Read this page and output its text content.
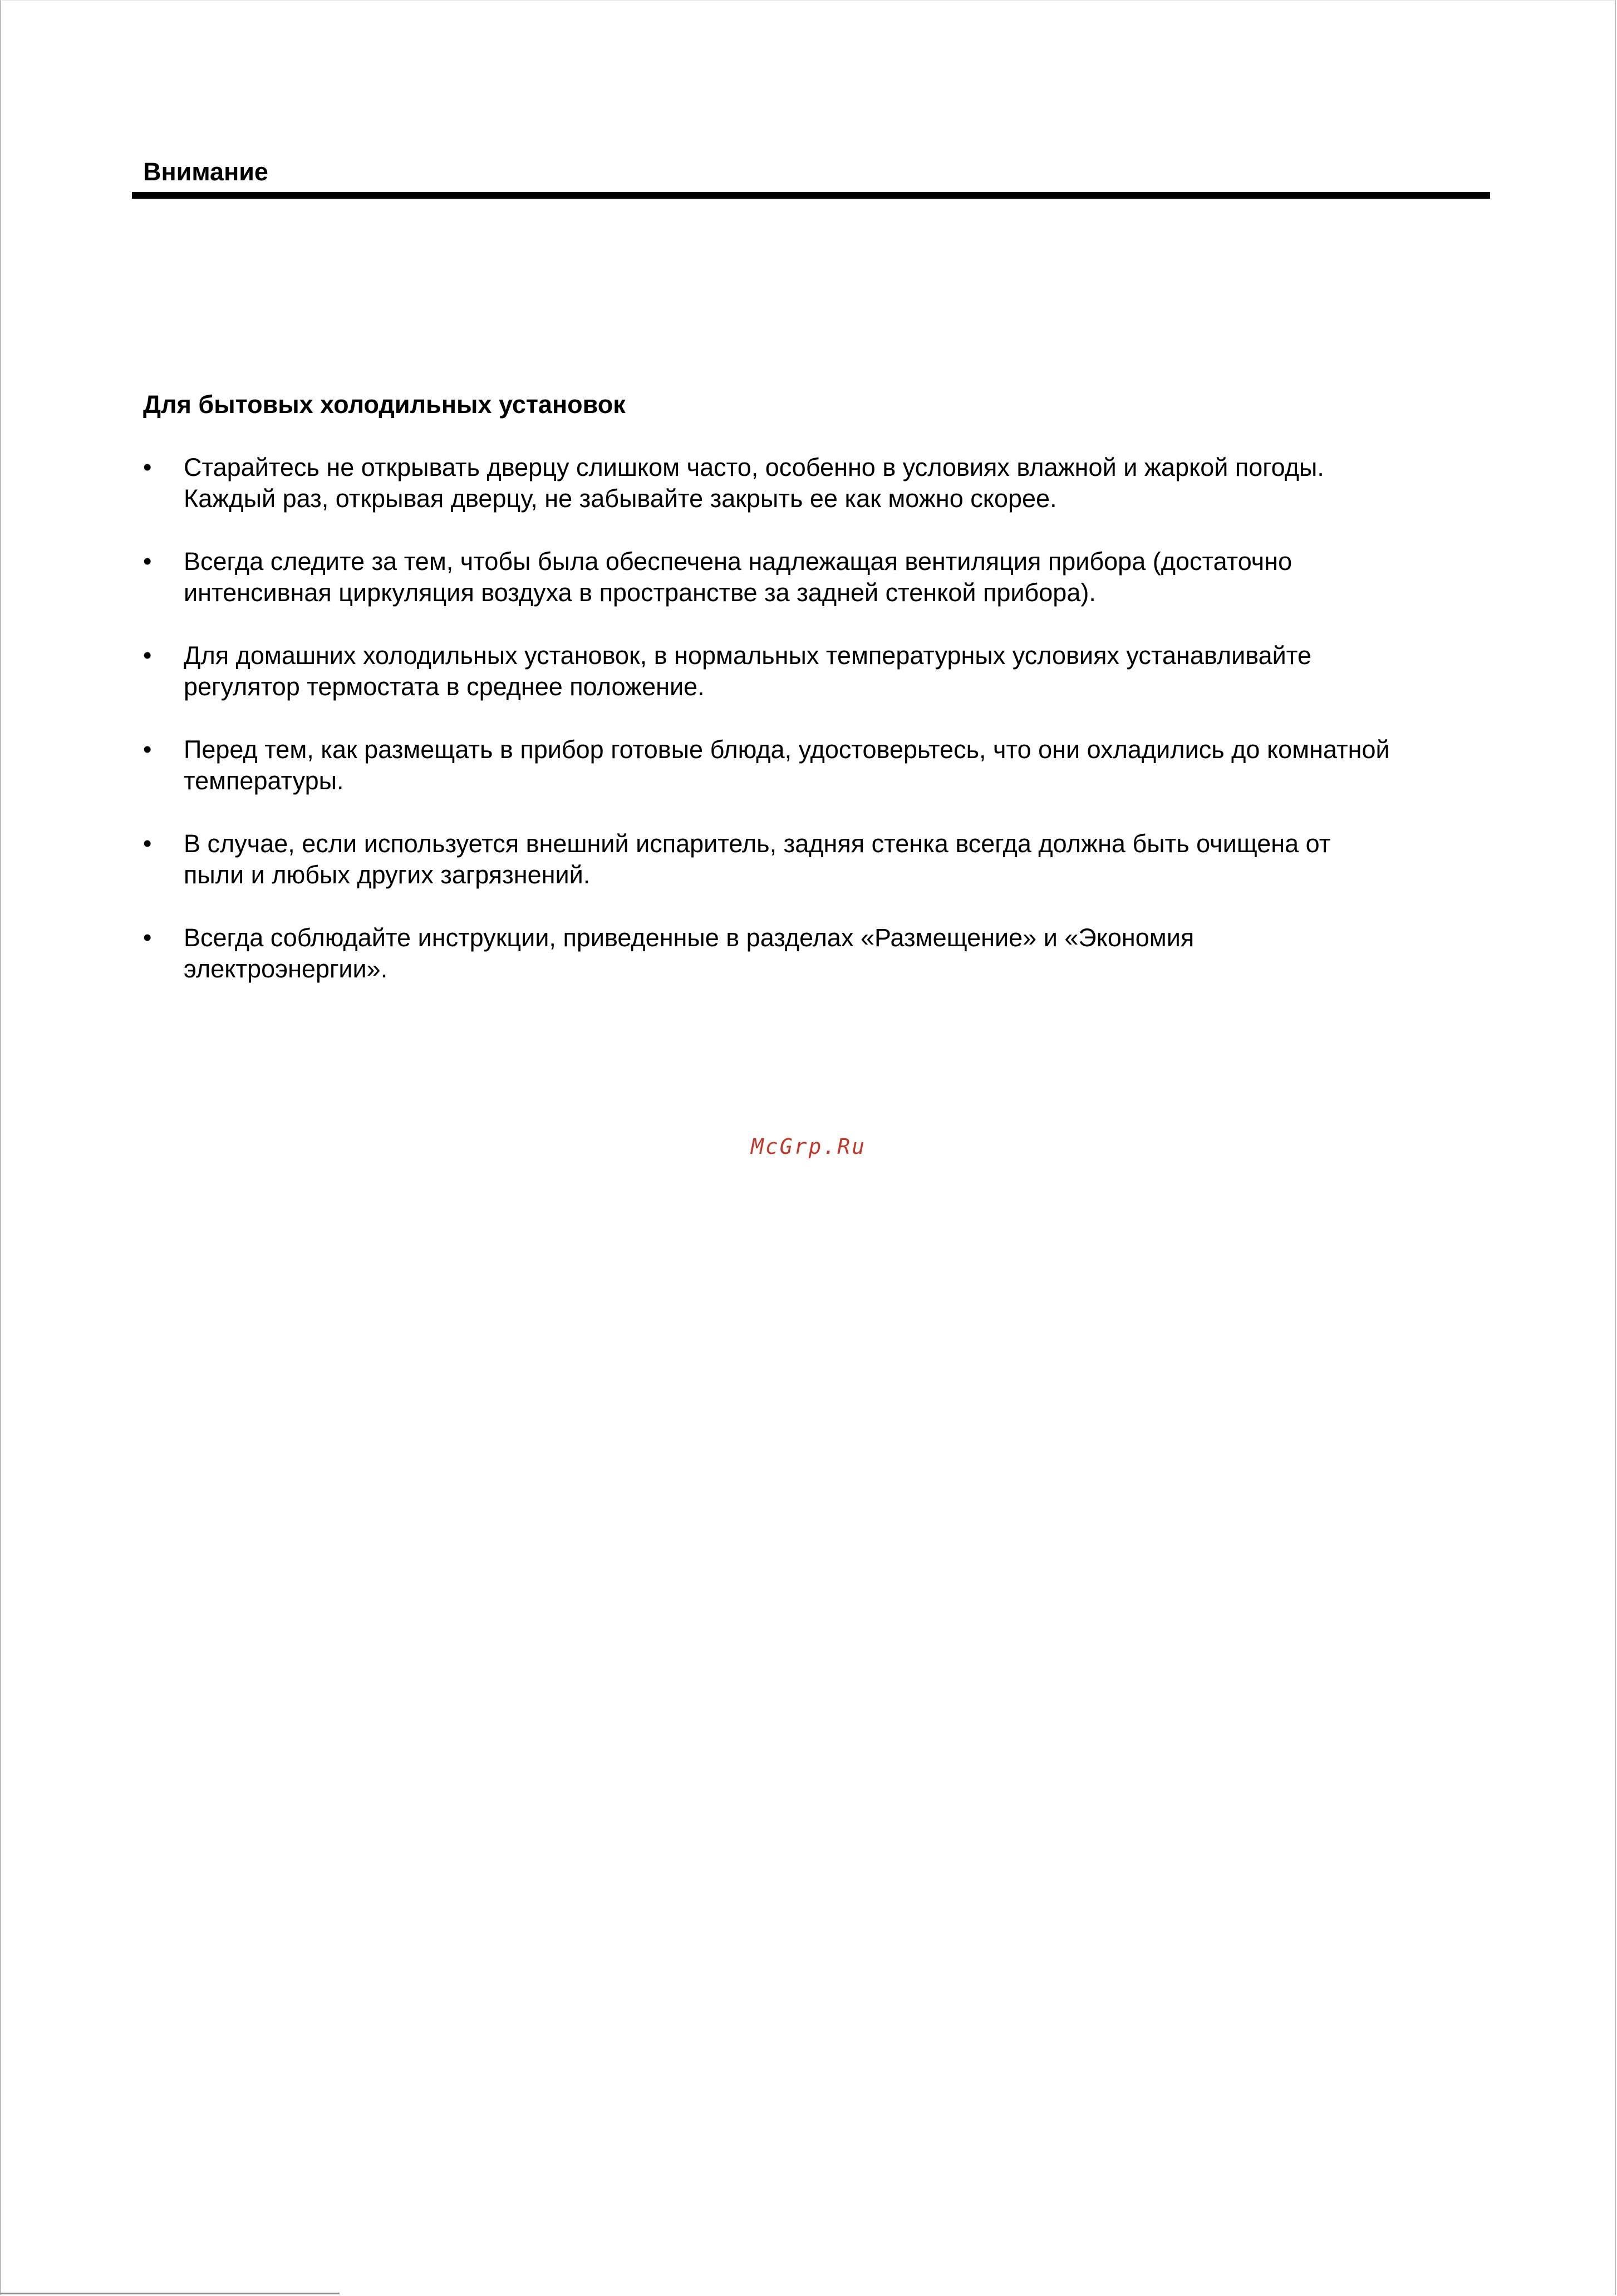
Внимание
Для бытовых холодильных установок
•	Старайтесь не открывать дверцу слишком часто, особенно в условиях влажной и жаркой погоды.
Каждый раз, открывая дверцу, не забывайте закрыть ее как можно скорее.
•	Всегда следите за тем, чтобы была обеспечена надлежащая вентиляция прибора (достаточно
интенсивная циркуляция воздуха в пространстве за задней стенкой прибора).
•	Для домашних холодильных установок, в нормальных температурных условиях устанавливайте
регулятор термостата в среднее положение.
•	Перед тем, как размещать в прибор готовые блюда, удостоверьтесь, что они охладились до комнатной
температуры.
•	В случае, если используется внешний испаритель, задняя стенка всегда должна быть очищена от
пыли и любых других загрязнений.
•	Всегда соблюдайте инструкции, приведенные в разделах «Размещение» и «Экономия
электроэнергии».
McGrp.Ru
